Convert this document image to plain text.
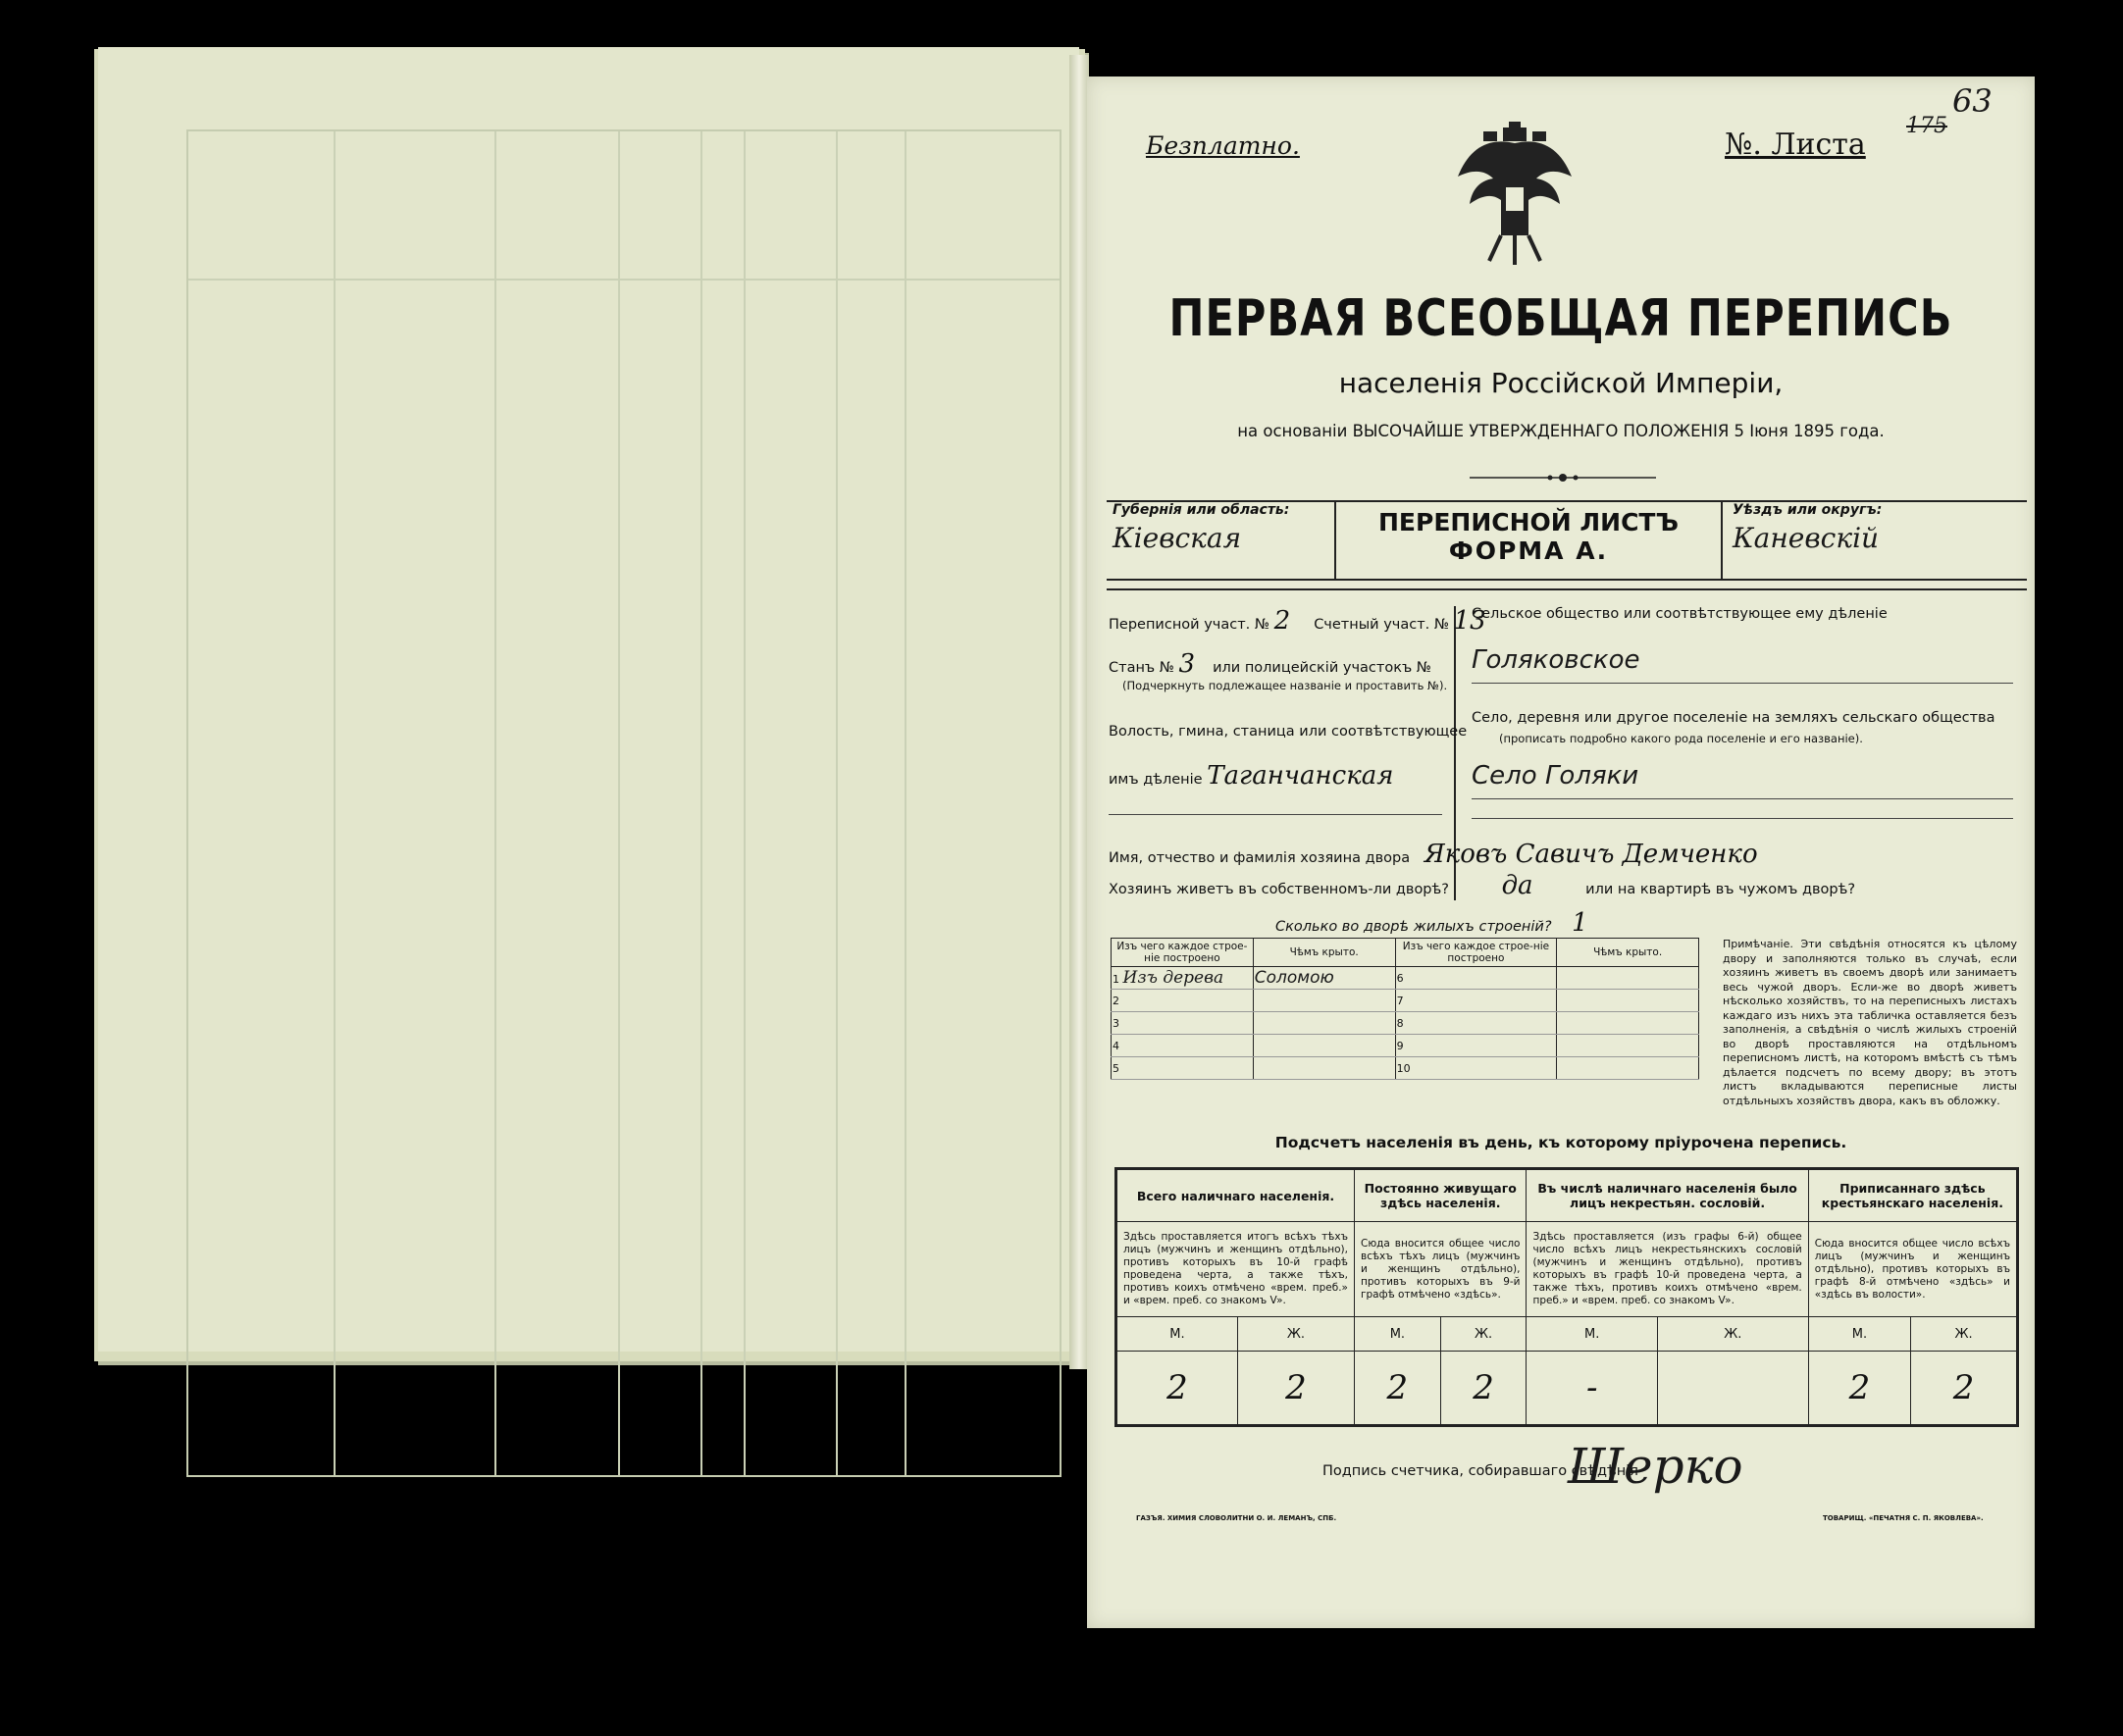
Безплатно.	№. Листа
175
63
ПЕРВАЯ ВСЕОБЩАЯ ПЕРЕПИСЬ
населенія Россійской Имперіи,
на основаніи ВЫСОЧАЙШЕ УТВЕРЖДЕННАГО ПОЛОЖЕНІЯ 5 Іюня 1895 года.
Губернія или область:
Кіевская	ПЕРЕПИСНОЙ ЛИСТЪ
ФОРМА А.
Уѣздъ или округъ:
Каневскій
Переписной участ. № 2 Счетный участ. № 13
Станъ № 3 или полицейскій участокъ №
(Подчеркнуть подлежащее названіе и проставить №).
Волость, гмина, станица или соотвѣтствующее
имъ дѣленіе Таганчанская
Сельское общество или соотвѣтствующее ему дѣленіе
Голяковское
Село, деревня или другое поселеніе на земляхъ сельскаго общества
(прописать подробно какого рода поселеніе и его названіе).
Село Голяки
Имя, отчество и фамилія хозяина двора Яковъ Савичъ Демченко
Хозяинъ живетъ въ собственномъ-ли дворѣ? да	или на квартирѣ въ чужомъ дворѣ?
Сколько во дворѣ жилыхъ строеній? 1
Изъ чего каждое строе-ніе построено	Чѣмъ крыто.	Изъ чего каждое строе-ніе построено	Чѣмъ крыто.
1 Изъ дерева	Соломою	6	
2		7	
3		8	
4		9	
5		10	
Примѣчаніе. Эти свѣдѣнія относятся къ цѣлому двору и заполняются только въ случаѣ, если хозяинъ живетъ въ своемъ дворѣ или занимаетъ весь чужой дворъ. Если-же во дворѣ живетъ нѣсколько хозяйствъ, то на переписныхъ листахъ каждаго изъ нихъ эта табличка оставляется безъ заполненія, а свѣдѣнія о числѣ жилыхъ строеній во дворѣ проставляются на отдѣльномъ переписномъ листѣ, на которомъ вмѣстѣ съ тѣмъ дѣлается подсчетъ по всему двору; въ этотъ листъ вкладываются переписные листы отдѣльныхъ хозяйствъ двора, какъ въ обложку.
Подсчетъ населенія въ день, къ которому пріурочена перепись.
Всего наличнаго населенія.		Постоянно живущаго здѣсь населенія.		Въ числѣ наличнаго населенія было лицъ некрестьян. сословій.		Приписаннаго здѣсь крестьянскаго населенія.	
Здѣсь проставляется итогъ всѣхъ тѣхъ лицъ (мужчинъ и женщинъ отдѣльно), противъ которыхъ въ 10-й графѣ проведена черта, а также тѣхъ, противъ коихъ отмѣчено «врем. преб.» и «врем. преб. со знакомъ V».		Сюда вносится общее число всѣхъ тѣхъ лицъ (мужчинъ и женщинъ отдѣльно), противъ которыхъ въ 9-й графѣ отмѣчено «здѣсь».		Здѣсь проставляется (изъ графы 6-й) общее число всѣхъ лицъ некрестьянскихъ сословій (мужчинъ и женщинъ отдѣльно), противъ которыхъ въ графѣ 10-й проведена черта, а также тѣхъ, противъ коихъ отмѣчено «врем. преб.» и «врем. преб. со знакомъ V».		Сюда вносится общее число всѣхъ лицъ (мужчинъ и женщинъ отдѣльно), противъ которыхъ въ графѣ 8-й отмѣчено «здѣсь» и «здѣсь въ волости».	
М.	Ж.	М.	Ж.	М.	Ж.	М.	Ж.
2	2	2	2	-		2	2
Подпись счетчика, собиравшаго свѣдѣнія
Шерко
ГАЗЪЯ. ХИМИЯ СЛОВОЛИТНИ О. И. ЛЕМАНЪ, СПБ.	ТОВАРИЩ. «ПЕЧАТНЯ С. П. ЯКОВЛЕВА».
